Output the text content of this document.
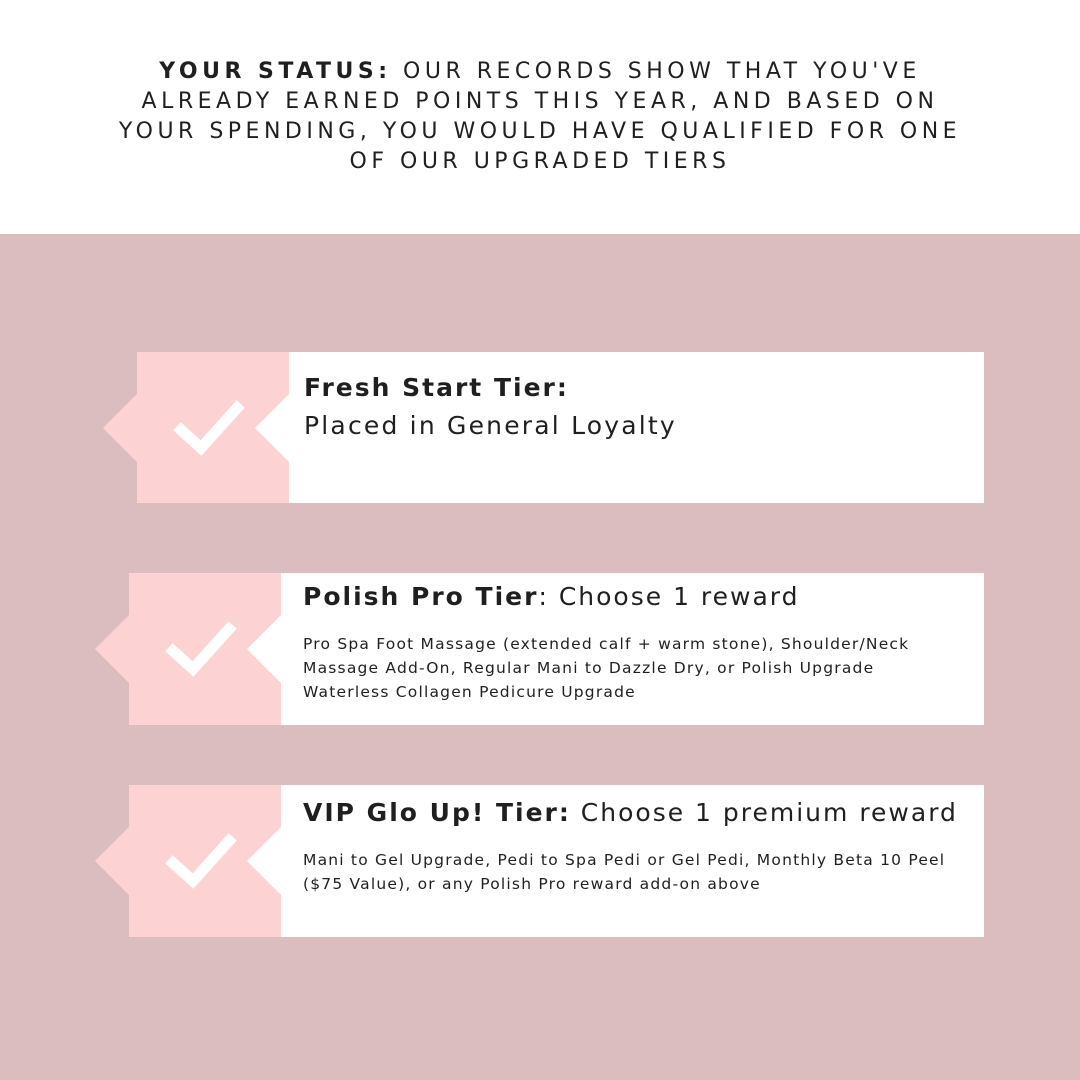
YOUR STATUS: OUR RECORDS SHOW THAT YOU'VE ALREADY EARNED POINTS THIS YEAR, AND BASED ON YOUR SPENDING, YOU WOULD HAVE QUALIFIED FOR ONE OF OUR UPGRADED TIERS
Fresh Start Tier:
Placed in General Loyalty
Polish Pro Tier: Choose 1 reward
Pro Spa Foot Massage (extended calf + warm stone), Shoulder/Neck Massage Add-On, Regular Mani to Dazzle Dry, or Polish Upgrade Waterless Collagen Pedicure Upgrade
VIP Glo Up! Tier: Choose 1 premium reward
Mani to Gel Upgrade, Pedi to Spa Pedi or Gel Pedi, Monthly Beta 10 Peel ($75 Value), or any Polish Pro reward add-on above
